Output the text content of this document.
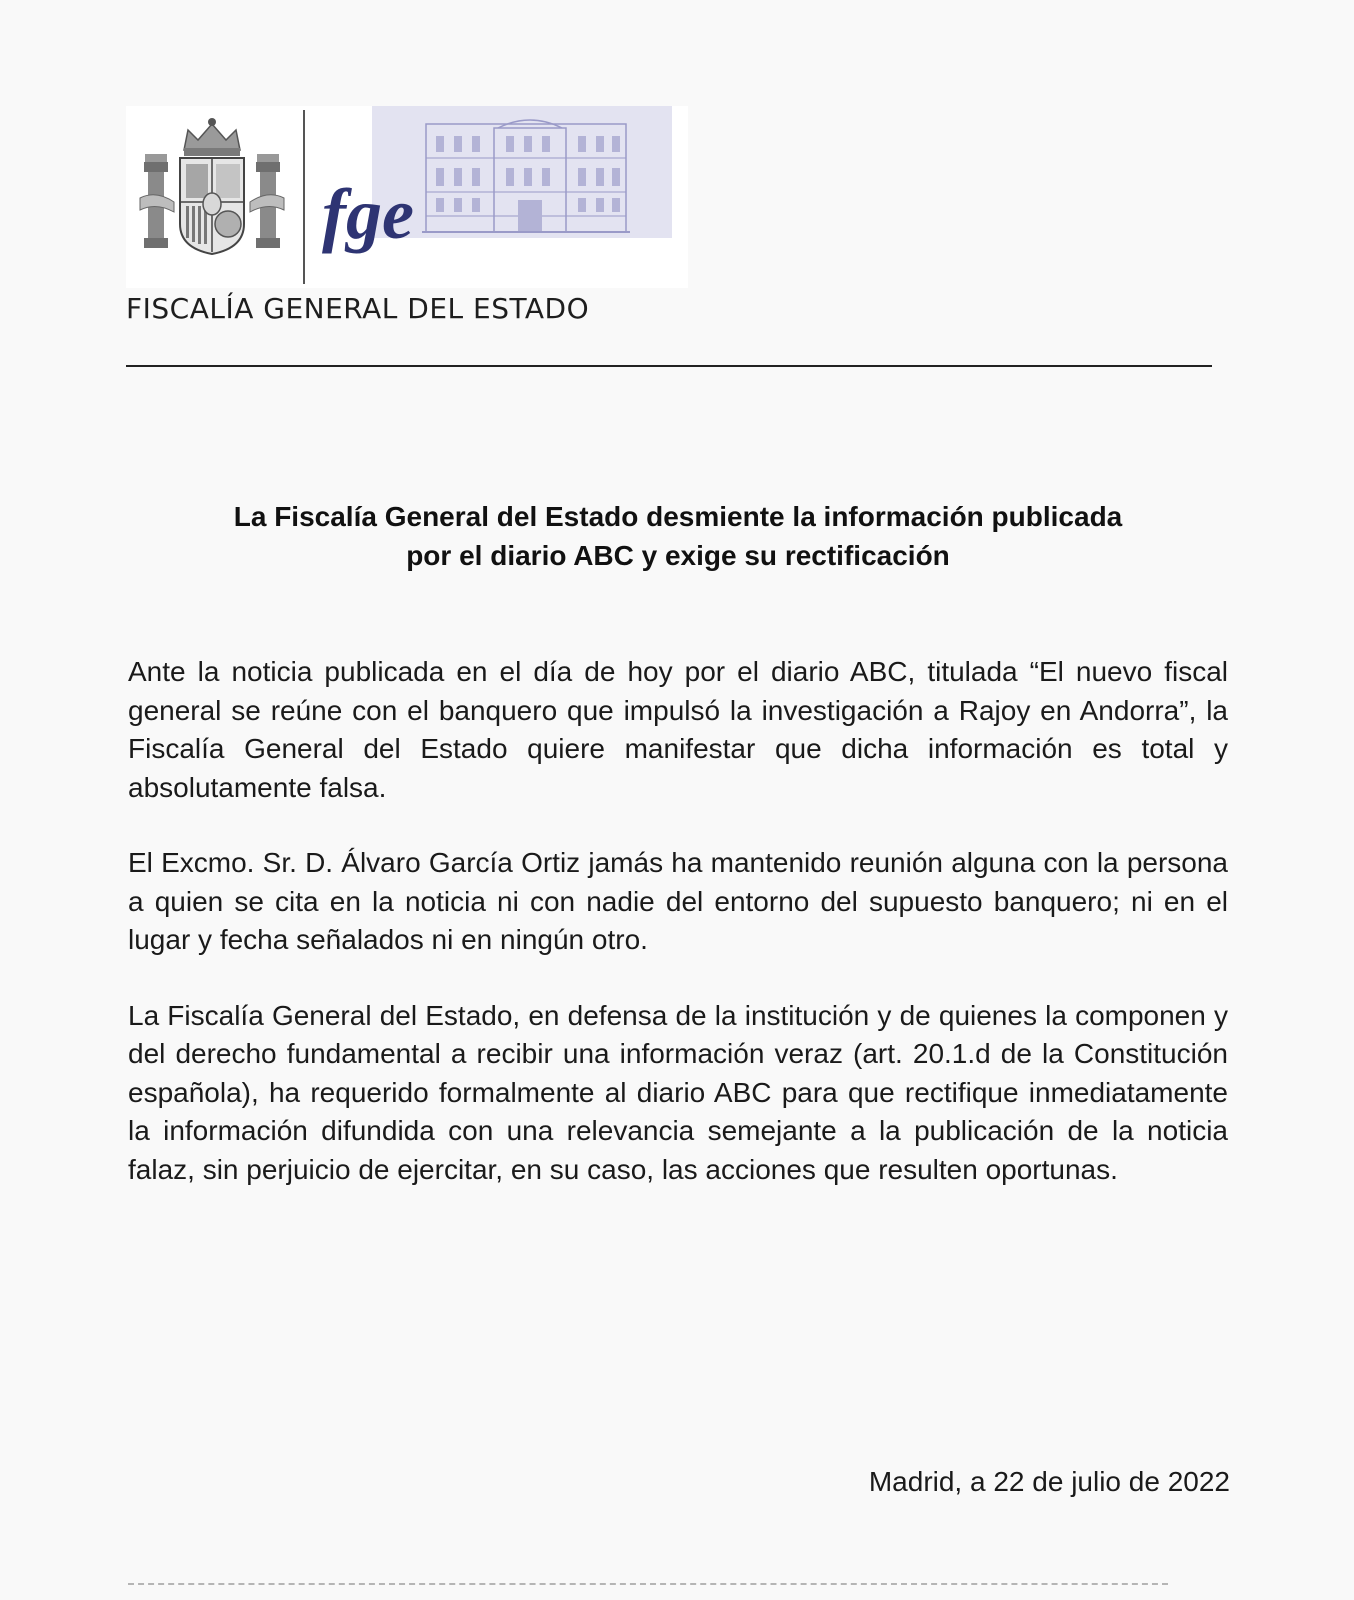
fge
FISCALÍA GENERAL DEL ESTADO
La Fiscalía General del Estado desmiente la información publicada
por el diario ABC y exige su rectificación

Ante la noticia publicada en el día de hoy por el diario ABC, titulada “El nuevo fiscal general se reúne con el banquero que impulsó la investigación a Rajoy en Andorra”, la Fiscalía General del Estado quiere manifestar que dicha información es total y absolutamente falsa.

El Excmo. Sr. D. Álvaro García Ortiz jamás ha mantenido reunión alguna con la persona a quien se cita en la noticia ni con nadie del entorno del supuesto banquero; ni en el lugar y fecha señalados ni en ningún otro.

La Fiscalía General del Estado, en defensa de la institución y de quienes la componen y del derecho fundamental a recibir una información veraz (art. 20.1.d de la Constitución española), ha requerido formalmente al diario ABC para que rectifique inmediatamente la información difundida con una relevancia semejante a la publicación de la noticia falaz, sin perjuicio de ejercitar, en su caso, las acciones que resulten oportunas.

Madrid, a 22 de julio de 2022
